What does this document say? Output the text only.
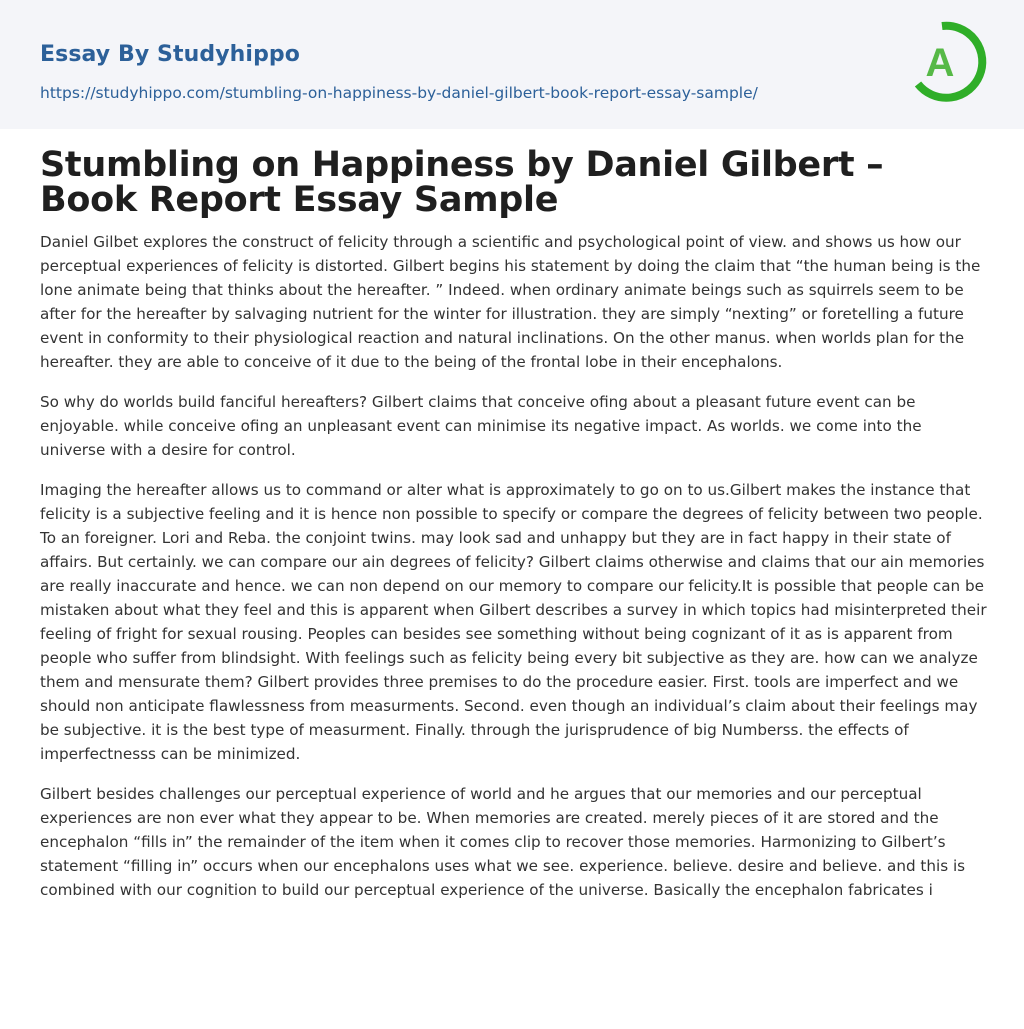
Essay By Studyhippo
https://studyhippo.com/stumbling-on-happiness-by-daniel-gilbert-book-report-essay-sample/
A
Stumbling on Happiness by Daniel Gilbert – Book Report Essay Sample

Daniel Gilbet explores the construct of felicity through a scientific and psychological point of view. and shows us how our perceptual experiences of felicity is distorted. Gilbert begins his statement by doing the claim that “the human being is the lone animate being that thinks about the hereafter. ” Indeed. when ordinary animate beings such as squirrels seem to be after for the hereafter by salvaging nutrient for the winter for illustration. they are simply “nexting” or foretelling a future event in conformity to their physiological reaction and natural inclinations. On the other manus. when worlds plan for the hereafter. they are able to conceive of it due to the being of the frontal lobe in their encephalons.

So why do worlds build fanciful hereafters? Gilbert claims that conceive ofing about a pleasant future event can be enjoyable. while conceive ofing an unpleasant event can minimise its negative impact. As worlds. we come into the universe with a desire for control.

Imaging the hereafter allows us to command or alter what is approximately to go on to us.Gilbert makes the instance that felicity is a subjective feeling and it is hence non possible to specify or compare the degrees of felicity between two people. To an foreigner. Lori and Reba. the conjoint twins. may look sad and unhappy but they are in fact happy in their state of affairs. But certainly. we can compare our ain degrees of felicity? Gilbert claims otherwise and claims that our ain memories are really inaccurate and hence. we can non depend on our memory to compare our felicity.It is possible that people can be mistaken about what they feel and this is apparent when Gilbert describes a survey in which topics had misinterpreted their feeling of fright for sexual rousing. Peoples can besides see something without being cognizant of it as is apparent from people who suffer from blindsight. With feelings such as felicity being every bit subjective as they are. how can we analyze them and mensurate them? Gilbert provides three premises to do the procedure easier. First. tools are imperfect and we should non anticipate flawlessness from measurments. Second. even though an individual’s claim about their feelings may be subjective. it is the best type of measurment. Finally. through the jurisprudence of big Numberss. the effects of imperfectnesss can be minimized.

Gilbert besides challenges our perceptual experience of world and he argues that our memories and our perceptual experiences are non ever what they appear to be. When memories are created. merely pieces of it are stored and the encephalon “fills in” the remainder of the item when it comes clip to recover those memories. Harmonizing to Gilbert’s statement “filling in” occurs when our encephalons uses what we see. experience. believe. desire and believe. and this is combined with our cognition to build our perceptual experience of the universe. Basically the encephalon fabricates i
